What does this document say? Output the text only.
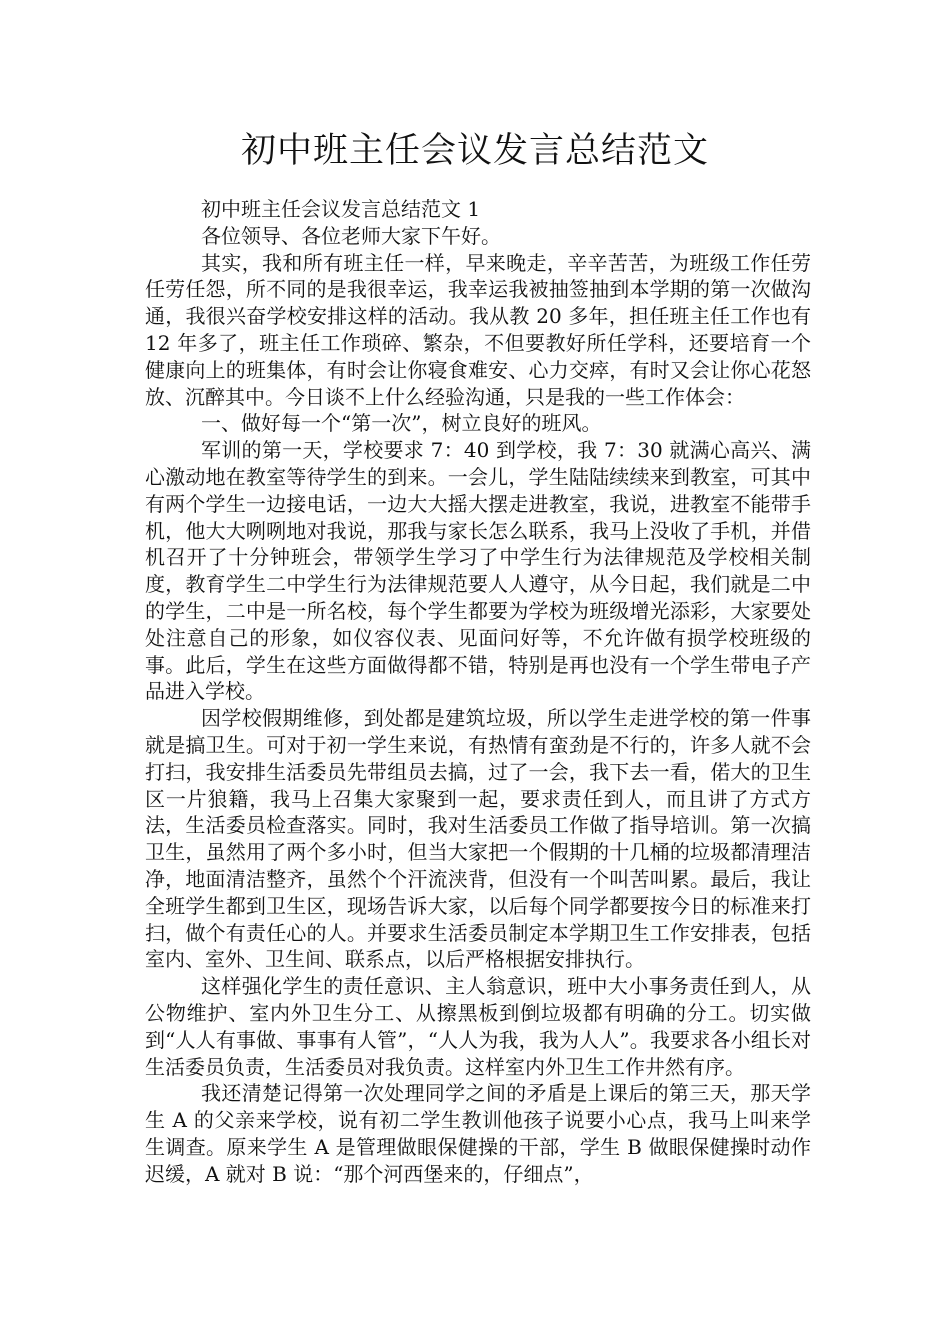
初中班主任会议发言总结范文

初中班主任会议发言总结范文 1

各位领导、各位老师大家下午好。

其实，我和所有班主任一样，早来晚走，辛辛苦苦，为班级工作任劳任劳任怨，所不同的是我很幸运，我幸运我被抽签抽到本学期的第一次做沟通，我很兴奋学校安排这样的活动。我从教 20 多年，担任班主任工作也有 12 年多了，班主任工作琐碎、繁杂，不但要教好所任学科，还要培育一个健康向上的班集体，有时会让你寝食难安、心力交瘁，有时又会让你心花怒放、沉醉其中。今日谈不上什么经验沟通，只是我的一些工作体会：

一、做好每一个“第一次”，树立良好的班风。

军训的第一天，学校要求 7：40 到学校，我 7：30 就满心高兴、满心激动地在教室等待学生的到来。一会儿，学生陆陆续续来到教室，可其中有两个学生一边接电话，一边大大摇大摆走进教室，我说，进教室不能带手机，他大大咧咧地对我说，那我与家长怎么联系，我马上没收了手机，并借机召开了十分钟班会，带领学生学习了中学生行为法律规范及学校相关制度，教育学生二中学生行为法律规范要人人遵守，从今日起，我们就是二中的学生，二中是一所名校，每个学生都要为学校为班级增光添彩，大家要处处注意自己的形象，如仪容仪表、见面问好等，不允许做有损学校班级的事。此后，学生在这些方面做得都不错，特别是再也没有一个学生带电子产品进入学校。

因学校假期维修，到处都是建筑垃圾，所以学生走进学校的第一件事就是搞卫生。可对于初一学生来说，有热情有蛮劲是不行的，许多人就不会打扫，我安排生活委员先带组员去搞，过了一会，我下去一看，偌大的卫生区一片狼籍，我马上召集大家聚到一起，要求责任到人，而且讲了方式方法，生活委员检查落实。同时，我对生活委员工作做了指导培训。第一次搞卫生，虽然用了两个多小时，但当大家把一个假期的十几桶的垃圾都清理洁净，地面清洁整齐，虽然个个汗流浃背，但没有一个叫苦叫累。最后，我让全班学生都到卫生区，现场告诉大家，以后每个同学都要按今日的标准来打扫，做个有责任心的人。并要求生活委员制定本学期卫生工作安排表，包括室内、室外、卫生间、联系点，以后严格根据安排执行。

这样强化学生的责任意识、主人翁意识，班中大小事务责任到人，从公物维护、室内外卫生分工、从擦黑板到倒垃圾都有明确的分工。切实做到“人人有事做、事事有人管”，“人人为我，我为人人”。我要求各小组长对生活委员负责，生活委员对我负责。这样室内外卫生工作井然有序。

我还清楚记得第一次处理同学之间的矛盾是上课后的第三天，那天学生 A 的父亲来学校，说有初二学生教训他孩子说要小心点，我马上叫来学生调查。原来学生 A 是管理做眼保健操的干部，学生 B 做眼保健操时动作迟缓，A 就对 B 说：“那个河西堡来的，仔细点”，
